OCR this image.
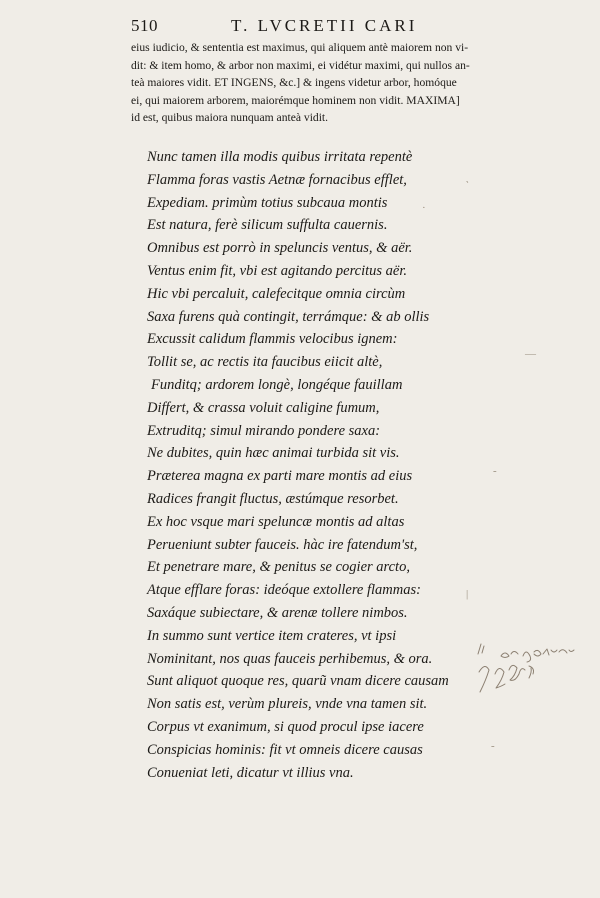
510	T. LVCRETII CARI
eius iudicio, & sententia est maximus, qui aliquem antè maiorem non vi-
dit: & item homo, & arbor non maximi, ei vidétur maximi, qui nullos an-
teà maiores vidit. ET INGENS, &c.] & ingens videtur arbor, homóque
ei, qui maiorem arborem, maiorémque hominem non vidit. MAXIMA]
id est, quibus maiora nunquam anteà vidit.
Nunc tamen illa modis quibus irritata repentè
Flamma foras vastis Aetnæ fornacibus efflet,
Expediam. primùm totius subcaua montis
Est natura, ferè silicum suffulta cauernis.
Omnibus est porrò in speluncis ventus, & aër.
Ventus enim fit, vbi est agitando percitus aër.
Hic vbi percaluit, calefecitque omnia circùm
Saxa furens quà contingit, terrámque: & ab ollis
Excussit calidum flammis velocibus ignem:
Tollit se, ac rectis ita faucibus eiicit altè,
Funditq; ardorem longè, longéque fauillam
Differt, & crassa voluit caligine fumum,
Extruditq; simul mirando pondere saxa:
Ne dubites, quin hæc animai turbida sit vis.
Præterea magna ex parti mare montis ad eius
Radices frangit fluctus, æstúmque resorbet.
Ex hoc vsque mari speluncæ montis ad altas
Perueniunt subter fauceis. hàc ire fatendum'st,
Et penetrare mare, & penitus se cogier arcto,
Atque efflare foras: ideóque extollere flammas:
Saxáque subiectare, & arenæ tollere nimbos.
In summo sunt vertice item crateres, vt ipsi
Nominitant, nos quas fauceis perhibemus, & ora.
Sunt aliquot quoque res, quarũ vnam dicere causam
Non satis est, verùm plureis, vnde vna tamen sit.
Corpus vt exanimum, si quod procul ipse iacere
Conspicias hominis: fit vt omneis dicere causas
Conueniat leti, dicatur vt illius vna.
‵
·
—
‐
|
‐
